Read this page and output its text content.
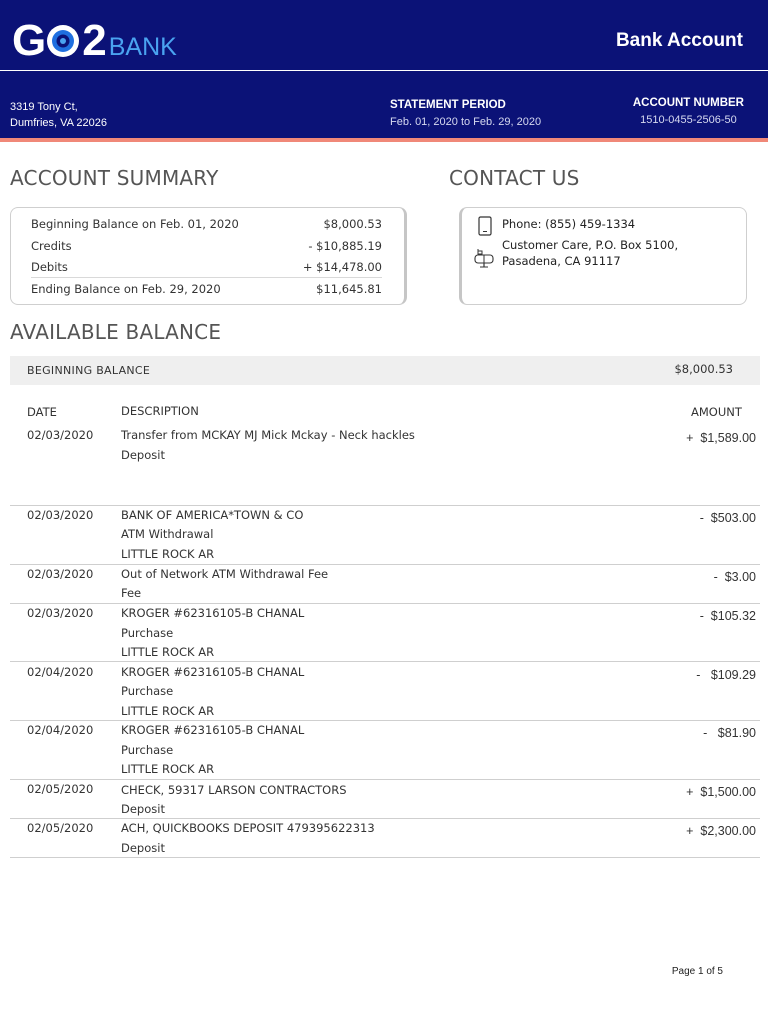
G 2 BANK	Bank Account
3319 Tony Ct,
Dumfries, VA 22026
STATEMENT PERIOD
Feb. 01, 2020 to Feb. 29, 2020
ACCOUNT NUMBER
1510-0455-2506-50
ACCOUNT SUMMARY
Beginning Balance on Feb. 01, 2020	$8,000.53
Credits	- $10,885.19
Debits	+ $14,478.00
Ending Balance on Feb. 29, 2020	$11,645.81
CONTACT US
Phone: (855) 459-1334
Customer Care, P.O. Box 5100,
Pasadena, CA 91117
AVAILABLE BALANCE
BEGINNING BALANCE	$8,000.53
DATE	DESCRIPTION	AMOUNT
02/03/2020 Transfer from MCKAY MJ Mick Mckay - Neck hackles
Deposit
+  $1,589.00
02/03/2020 BANK OF AMERICA*TOWN & CO
ATM Withdrawal
LITTLE ROCK AR
-  $503.00
02/03/2020 Out of Network ATM Withdrawal Fee
Fee
-  $3.00
02/03/2020 KROGER #62316105-B CHANAL
Purchase
LITTLE ROCK AR
-  $105.32
02/04/2020 KROGER #62316105-B CHANAL
Purchase
LITTLE ROCK AR
-   $109.29
02/04/2020 KROGER #62316105-B CHANAL
Purchase
LITTLE ROCK AR
-   $81.90
02/05/2020 CHECK, 59317 LARSON CONTRACTORS
Deposit
+  $1,500.00
02/05/2020 ACH, QUICKBOOKS DEPOSIT 479395622313
Deposit
+  $2,300.00
Page 1 of 5
